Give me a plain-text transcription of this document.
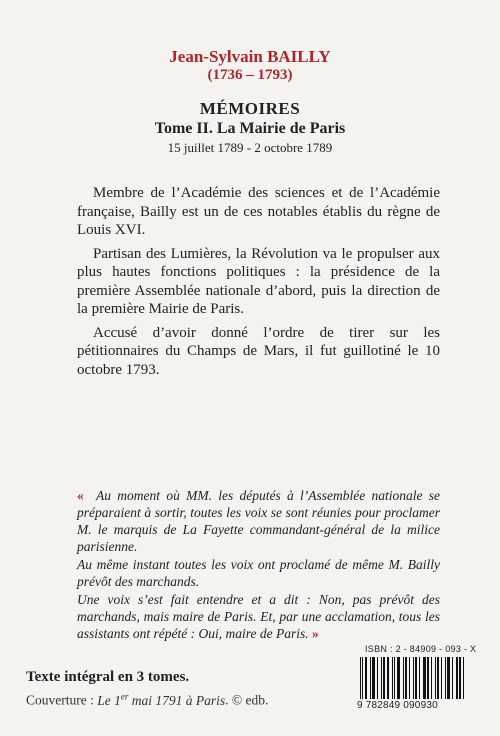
Jean-Sylvain BAILLY
(1736 – 1793)
MÉMOIRES
Tome II. La Mairie de Paris
15 juillet 1789 - 2 octobre 1789

Membre de l’Académie des sciences et de l’Académie française, Bailly est un de ces notables établis du règne de Louis XVI.

Partisan des Lumières, la Révolution va le propulser aux plus hautes fonctions politiques : la présidence de la première Assemblée nationale d’abord, puis la direction de la première Mairie de Paris.

Accusé d’avoir donné l’ordre de tirer sur les pétitionnaires du Champs de Mars, il fut guillotiné le 10 octobre 1793.

« Au moment où MM. les députés à l’Assemblée nationale se préparaient à sortir, toutes les voix se sont réunies pour proclamer M. le marquis de La Fayette commandant-général de la milice parisienne.

Au même instant toutes les voix ont proclamé de même M. Bailly prévôt des marchands.

Une voix s’est fait entendre et a dit : Non, pas prévôt des marchands, mais maire de Paris. Et, par une acclamation, tous les assistants ont répété : Oui, maire de Paris. »

Texte intégral en 3 tomes.
Couverture : Le 1er mai 1791 à Paris. © edb.
ISBN : 2 - 84909 - 093 - X
9 782849 090930
